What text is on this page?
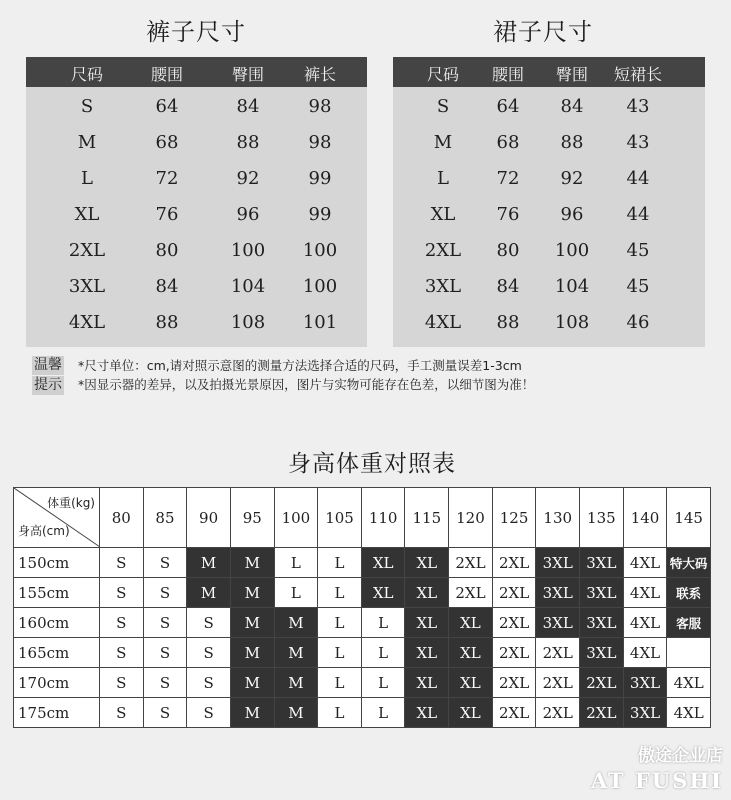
裤子尺寸	裙子尺寸
尺码	腰围	臀围 裤长
S	64	84	98
M	68	88	98
L	72	92	99
XL	76	96	99
2XL	80	100 100
3XL	84	104 100
4XL	88	108 101
尺码 腰围 臀围 短裙长
S	64 84 43
M 68 88 43
L	72 92 44
XL 76 96 44
2XL 80 100 45
3XL 84 104 45
4XL 88 108 46
温馨
提示
*尺寸单位：cm,请对照示意图的测量方法选择合适的尺码，手工测量误差1-3cm
*因显示器的差异，以及拍摄光景原因，图片与实物可能存在色差，以细节图为准！
身高体重对照表
体重(kg)
身高(cm)	80	85	90	95	100	105	110	115	120	125	130	135	140	145
150cm	S	S	M	M	L	L	XL	XL	2XL	2XL	3XL	3XL	4XL	特大码
155cm	S	S	M	M	L	L	XL	XL	2XL	2XL	3XL	3XL	4XL	联系
160cm	S	S	S	M	M	L	L	XL	XL	2XL	3XL	3XL	4XL	客服
165cm	S	S	S	M	M	L	L	XL	XL	2XL	2XL	3XL	4XL	
170cm	S	S	S	M	M	L	L	XL	XL	2XL	2XL	2XL	3XL	4XL
175cm	S	S	S	M	M	L	L	XL	XL	2XL	2XL	2XL	3XL	4XL
傲途企业店
AT FUSHI
